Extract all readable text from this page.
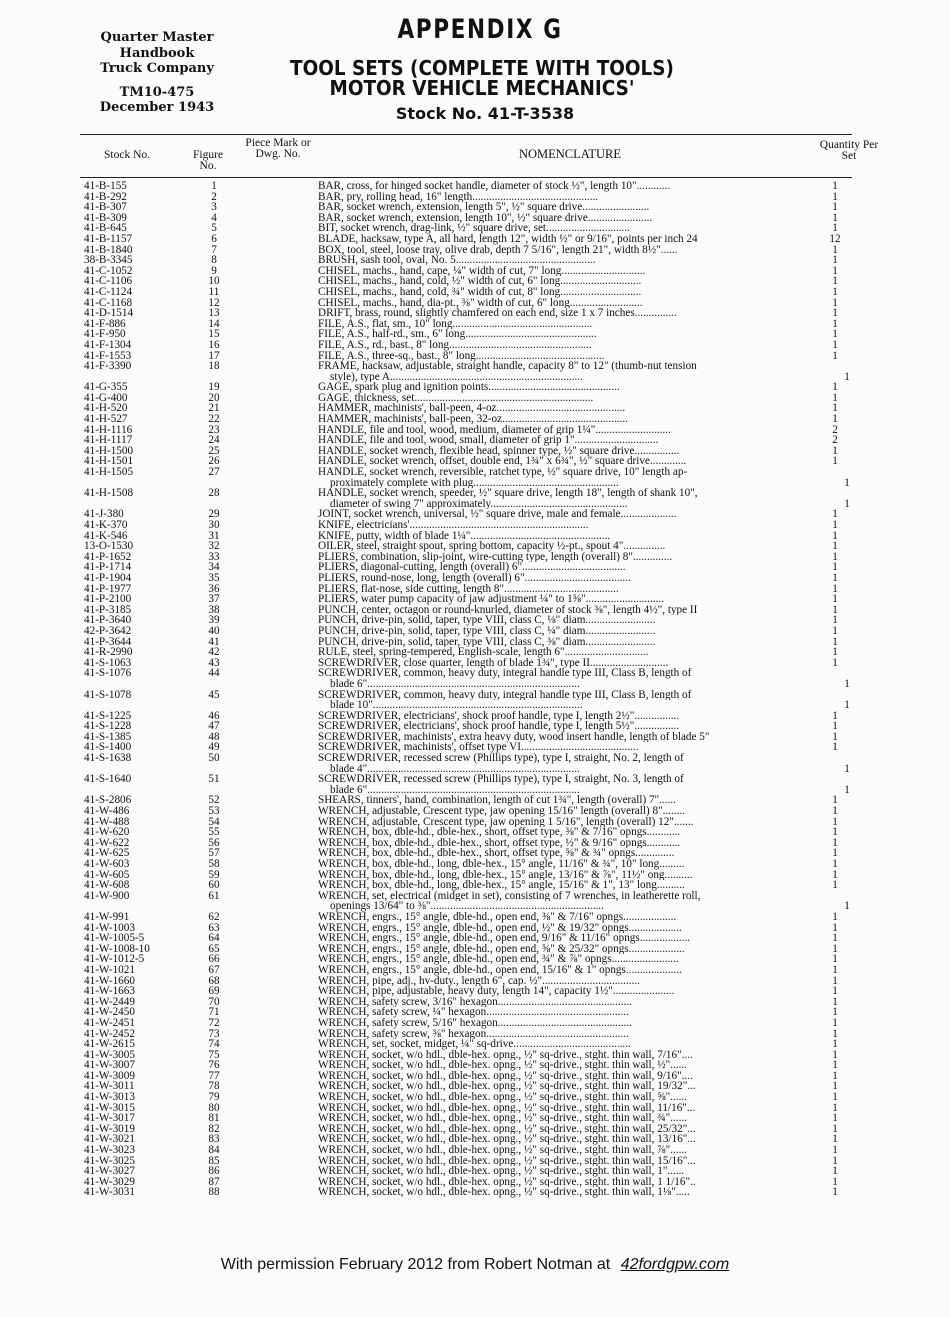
Quarter Master
Handbook
Truck Company
TM10-475
December 1943
APPENDIX G
TOOL SETS (COMPLETE WITH TOOLS)
MOTOR VEHICLE MECHANICS'
Stock No. 41-T-3538
Stock No.	Figure No.
Piece Mark or Dwg. No.	NOMENCLATURE
Quantity Per Set
41-B-155	1	BAR, cross, for hinged socket handle, diameter of stock ½", length 10"............	1
41-B-292	2	BAR, pry, rolling head, 16" length.............................................	1
41-B-307	3	BAR, socket wrench, extension, length 5", ½" square drive........................	1
41-B-309	4	BAR, socket wrench, extension, length 10", ½" square drive.......................	1
41-B-645	5	BIT, socket wrench, drag-link, ½" square drive, set..............................	1
41-B-1157	6	BLADE, hacksaw, type A, all hard, length 12", width ½" or 9/16", points per inch 24	12
41-B-1840	7	BOX, tool, steel, loose tray, olive drab, depth 7 5/16", length 21", width 8½"......	1
38-B-3345	8	BRUSH, sash tool, oval, No. 5..................................................	1
41-C-1052	9	CHISEL, machs., hand, cape, ¼" width of cut, 7" long..............................	1
41-C-1106	10	CHISEL, machs., hand, cold, ½" width of cut, 6" long.............................	1
41-C-1124	11	CHISEL, machs., hand, cold, ¾" width of cut, 8" long.............................	1
41-C-1168	12	CHISEL, machs., hand, dia-pt., ⅜" width of cut, 6" long..........................	1
41-D-1514	13	DRIFT, brass, round, slightly chamfered on each end, size 1 x 7 inches...............	1
41-F-886	14	FILE, A.S., flat, sm., 10" long..................................................	1
41-F-950	15	FILE, A.S., half-rd., sm., 6" long...............................................	1
41-F-1304	16	FILE, A.S., rd., bast., 8" long...................................................	1
41-F-1553	17	FILE, A.S., three-sq., bast., 8" long..............................................	1
41-F-3390	18	FRAME, hacksaw, adjustable, straight handle, capacity 8" to 12" (thumb-nut tension
style), type A.....................................................................	1
41-G-355	19	GAGE, spark plug and ignition points...............................................	1
41-G-400	20	GAGE, thickness, set................................................................	1
41-H-520	21	HAMMER, machinists', ball-peen, 4-oz..............................................	1
41-H-527	22	HAMMER, machinists', ball-peen, 32-oz.............................................	1
41-H-1116	23	HANDLE, file and tool, wood, medium, diameter of grip 1¼"...........................	2
41-H-1117	24	HANDLE, file and tool, wood, small, diameter of grip 1"..............................	2
41-H-1500	25	HANDLE, socket wrench, flexible head, spinner type, ½" square drive................	1
41-H-1501	26	HANDLE, socket wrench, offset, double end, 1¾" x 6¾", ½" square drive.............	1
41-H-1505	27	HANDLE, socket wrench, reversible, ratchet type, ½" square drive, 10" length ap-
proximately complete with plug....................................................	1
41-H-1508	28	HANDLE, socket wrench, speeder, ½" square drive, length 18", length of shank 10",
diameter of swing 7" approximately.................................................	1
41-J-380	29	JOINT, socket wrench, universal, ½" square drive, male and female....................	1
41-K-370	30	KNIFE, electricians'................................................................	1
41-K-546	31	KNIFE, putty, width of blade 1¼"..................................................	1
13-O-1530	32	OILER, steel, straight spout, spring bottom, capacity ½-pt., spout 4"...............	1
41-P-1652	33	PLIERS, combination, slip-joint, wire-cutting type, length (overall) 8"..............	1
41-P-1714	34	PLIERS, diagonal-cutting, length (overall) 6".....................................	1
41-P-1904	35	PLIERS, round-nose, long, length (overall) 6"......................................	1
41-P-1977	36	PLIERS, flat-nose, side cutting, length 8".........................................	1
41-P-2100	37	PLIERS, water pump capacity of jaw adjustment ¼" to 1⅝"............................	1
41-P-3185	38	PUNCH, center, octagon or round-knurled, diameter of stock ⅜", length 4½", type II	1
41-P-3640	39	PUNCH, drive-pin, solid, taper, type VIII, class C, ⅛" diam.........................	1
42-P-3642	40	PUNCH, drive-pin, solid, taper, type VIII, class C, ¼" diam.........................	1
41-P-3644	41	PUNCH, drive-pin, solid, taper, type VIII, class C, ⅜" diam.........................	1
41-R-2990	42	RULE, steel, spring-tempered, English-scale, length 6"..............................	1
41-S-1063	43	SCREWDRIVER, close quarter, length of blade 1¾", type II............................	1
41-S-1076	44	SCREWDRIVER, common, heavy duty, integral handle type III, Class B, length of
blade 6"............................................................................	1
41-S-1078	45	SCREWDRIVER, common, heavy duty, integral handle type III, Class B, length of
blade 10"...........................................................................	1
41-S-1225	46	SCREWDRIVER, electricians', shock proof handle, type I, length 2½"................	1
41-S-1228	47	SCREWDRIVER, electricians', shock proof handle, type I, length 5½"................	1
41-S-1385	48	SCREWDRIVER, machinists', extra heavy duty, wood insert handle, length of blade 5"	1
41-S-1400	49	SCREWDRIVER, machinists', offset type VI..........................................	1
41-S-1638	50	SCREWDRIVER, recessed screw (Phillips type), type I, straight, No. 2, length of
blade 4"............................................................................	1
41-S-1640	51	SCREWDRIVER, recessed screw (Phillips type), type I, straight, No. 3, length of
blade 6"............................................................................	1
41-S-2806	52	SHEARS, tinners', hand, combination, length of cut 1¾", length (overall) 7"......	1
41-W-486	53	WRENCH, adjustable, Crescent type, jaw opening 15/16" length (overall) 8"........	1
41-W-488	54	WRENCH, adjustable, Crescent type, jaw opening 1 5/16", length (overall) 12".......	1
41-W-620	55	WRENCH, box, dble-hd., dble-hex., short, offset type, ⅜" & 7/16" opngs............	1
41-W-622	56	WRENCH, box, dble-hd., dble-hex., short, offset type, ½" & 9/16" opngs............	1
41-W-625	57	WRENCH, box, dble-hd., dble-hex., short, offset type, ⅝" & ¾" opngs..............	1
41-W-603	58	WRENCH, box, dble-hd., long, dble-hex., 15° angle, 11/16" & ¾", 10" long.........	1
41-W-605	59	WRENCH, box, dble-hd., long, dble-hex., 15° angle, 13/16" & ⅞", 11½" ong..........	1
41-W-608	60	WRENCH, box, dble-hd., long, dble-hex., 15° angle, 15/16" & 1", 13" long..........	1
41-W-900	61	WRENCH, set, electrical (midget in set), consisting of 7 wrenches, in leatherette roll,
openings 13/64" to ⅜"..............................................................	1
41-W-991	62	WRENCH, engrs., 15° angle, dble-hd., open end, ⅜" & 7/16" opngs...................	1
41-W-1003	63	WRENCH, engrs., 15° angle, dble-hd., open end, ½" & 19/32" opngs...................	1
41-W-1005-5	64	WRENCH, engrs., 15° angle, dble-hd., open end, 9/16" & 11/16" opngs..................	1
41-W-1008-10	65	WRENCH, engrs., 15° angle, dble-hd., open end, ⅝" & 25/32" opngs....................	1
41-W-1012-5	66	WRENCH, engrs., 15° angle, dble-hd., open end, ¾" & ⅞" opngs........................	1
41-W-1021	67	WRENCH, engrs., 15° angle, dble-hd., open end, 15/16" & 1" opngs....................	1
41-W-1660	68	WRENCH, pipe, adj., hv-duty., length 6", cap. ½"...................................	1
41-W-1663	69	WRENCH, pipe, adjustable, heavy duty, length 14", capacity 1½"......................	1
41-W-2449	70	WRENCH, safety screw, 3/16" hexagon................................................	1
41-W-2450	71	WRENCH, safety screw, ¼" hexagon...................................................	1
41-W-2451	72	WRENCH, safety screw, 5/16" hexagon................................................	1
41-W-2452	73	WRENCH, safety screw, ⅜" hexagon...................................................	1
41-W-2615	74	WRENCH, set, socket, midget, ¼" sq-drive..........................................	1
41-W-3005	75	WRENCH, socket, w/o hdl., dble-hex. opng., ½" sq-drive., stght. thin wall, 7/16"....	1
41-W-3007	76	WRENCH, socket, w/o hdl., dble-hex. opng., ½" sq-drive., stght. thin wall, ½"......	1
41-W-3009	77	WRENCH, socket, w/o hdl., dble-hex. opng., ½" sq-drive., stght. thin wall, 9/16"....	1
41-W-3011	78	WRENCH, socket, w/o hdl., dble-hex. opng., ½" sq-drive., stght. thin wall, 19/32"...	1
41-W-3013	79	WRENCH, socket, w/o hdl., dble-hex. opng., ½" sq-drive., stght. thin wall, ⅝"......	1
41-W-3015	80	WRENCH, socket, w/o hdl., dble-hex. opng., ½" sq-drive., stght. thin wall, 11/16"...	1
41-W-3017	81	WRENCH, socket, w/o hdl., dble-hex. opng., ½" sq-drive., stght. thin wall, ¾"......	1
41-W-3019	82	WRENCH, socket, w/o hdl., dble-hex. opng., ½" sq-drive., stght. thin wall, 25/32"...	1
41-W-3021	83	WRENCH, socket, w/o hdl., dble-hex. opng., ½" sq-drive., stght. thin wall, 13/16"...	1
41-W-3023	84	WRENCH, socket, w/o hdl., dble-hex. opng., ½" sq-drive., stght. thin wall, ⅞"......	1
41-W-3025	85	WRENCH, socket, w/o hdl., dble-hex. opng., ½" sq-drive., stght. thin wall, 15/16"...	1
41-W-3027	86	WRENCH, socket, w/o hdl., dble-hex. opng., ½" sq-drive., stght. thin wall, 1"......	1
41-W-3029	87	WRENCH, socket, w/o hdl., dble-hex. opng., ½" sq-drive., stght. thin wall, 1 1/16"..	1
41-W-3031	88	WRENCH, socket, w/o hdl., dble-hex. opng., ½" sq-drive., stght. thin wall, 1⅛".....	1
With permission February 2012 from Robert Notman at 42fordgpw.com
